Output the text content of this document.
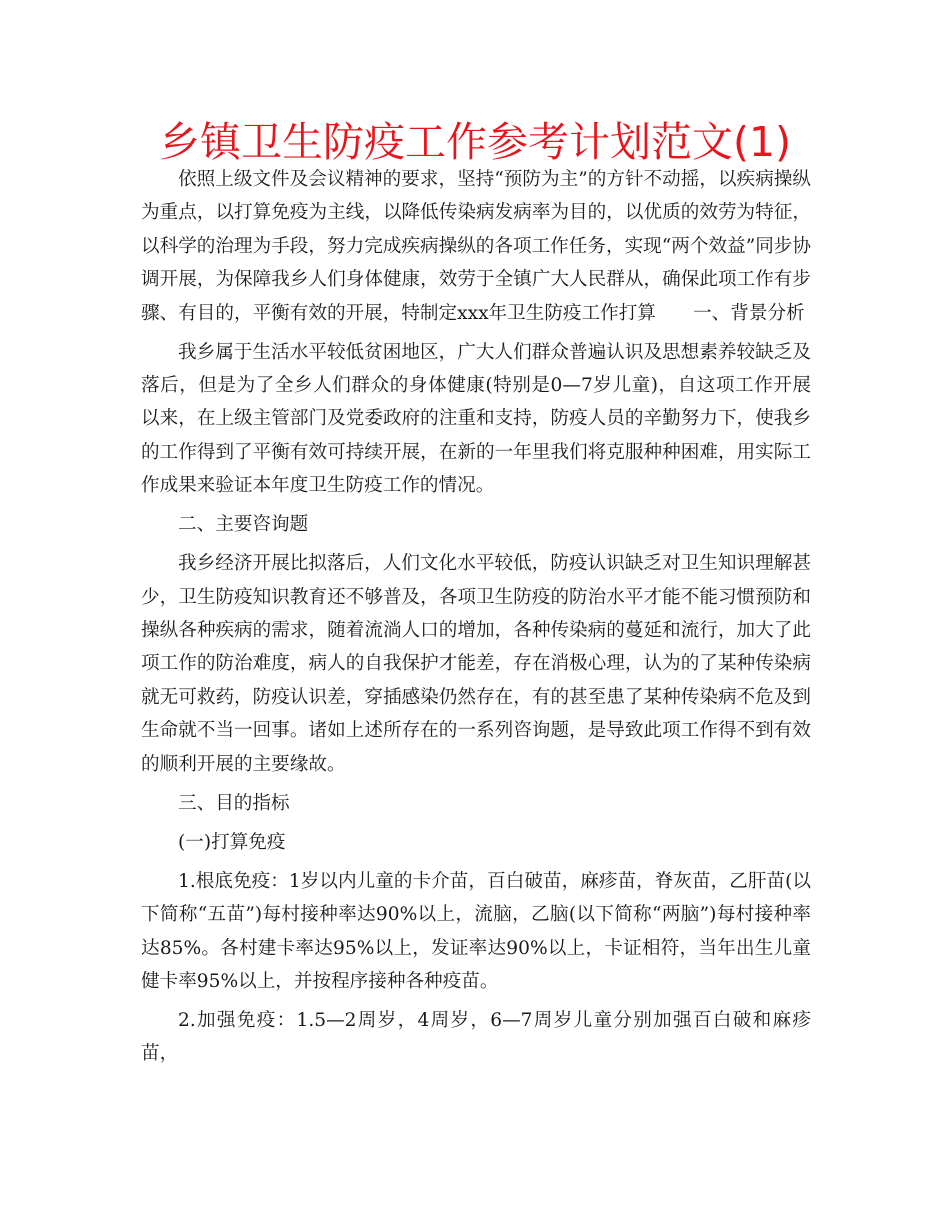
乡镇卫生防疫工作参考计划范文(1)

依照上级文件及会议精神的要求，坚持“预防为主”的方针不动摇，以疾病操纵为重点，以打算免疫为主线，以降低传染病发病率为目的，以优质的效劳为特征，以科学的治理为手段，努力完成疾病操纵的各项工作任务，实现“两个效益”同步协调开展，为保障我乡人们身体健康，效劳于全镇广大人民群从，确保此项工作有步骤、有目的，平衡有效的开展，特制定xxx年卫生防疫工作打算　　一、背景分析

我乡属于生活水平较低贫困地区，广大人们群众普遍认识及思想素养较缺乏及落后，但是为了全乡人们群众的身体健康(特别是0—7岁儿童)，自这项工作开展以来，在上级主管部门及党委政府的注重和支持，防疫人员的辛勤努力下，使我乡的工作得到了平衡有效可持续开展，在新的一年里我们将克服种种困难，用实际工作成果来验证本年度卫生防疫工作的情况。

二、主要咨询题

我乡经济开展比拟落后，人们文化水平较低，防疫认识缺乏对卫生知识理解甚少，卫生防疫知识教育还不够普及，各项卫生防疫的防治水平才能不能习惯预防和操纵各种疾病的需求，随着流淌人口的增加，各种传染病的蔓延和流行，加大了此项工作的防治难度，病人的自我保护才能差，存在消极心理，认为的了某种传染病就无可救药，防疫认识差，穿插感染仍然存在，有的甚至患了某种传染病不危及到生命就不当一回事。诸如上述所存在的一系列咨询题，是导致此项工作得不到有效的顺利开展的主要缘故。

三、目的指标

(一)打算免疫

1.根底免疫：1岁以内儿童的卡介苗，百白破苗，麻疹苗，脊灰苗，乙肝苗(以下简称“五苗”)每村接种率达90%以上，流脑，乙脑(以下简称“两脑”)每村接种率达85%。各村建卡率达95%以上，发证率达90%以上，卡证相符，当年出生儿童健卡率95%以上，并按程序接种各种疫苗。

2.加强免疫：1.5—2周岁，4周岁，6—7周岁儿童分别加强百白破和麻疹苗，
